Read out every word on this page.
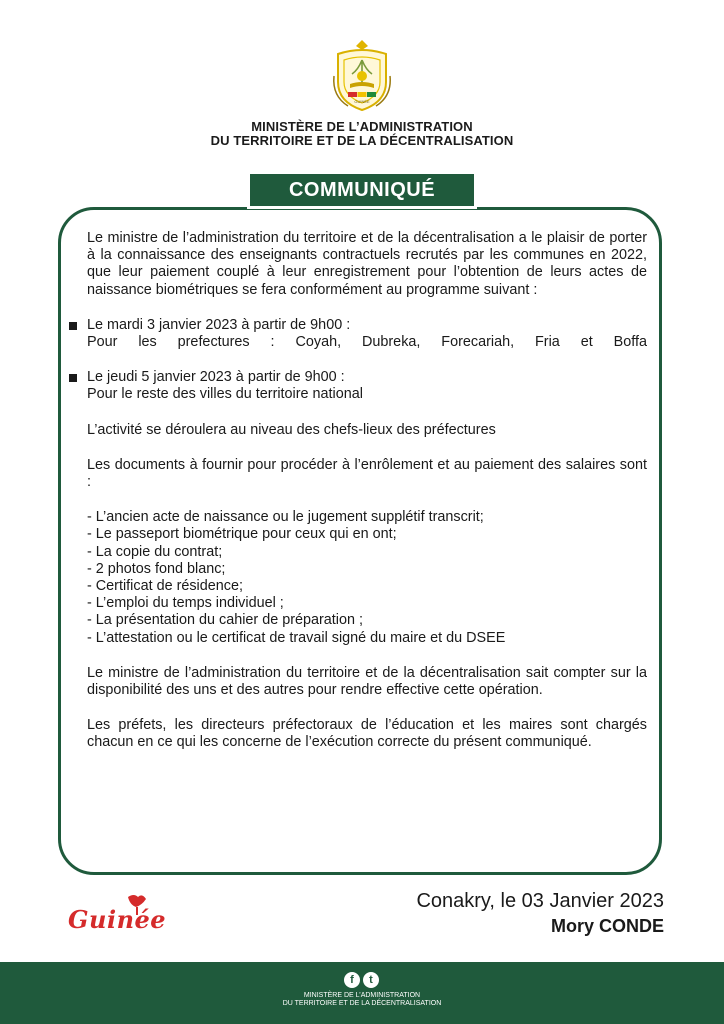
GUINÉE
MINISTÈRE DE L’ADMINISTRATION
DU TERRITOIRE ET DE LA DÉCENTRALISATION
COMMUNIQUÉ

Le ministre de l’administration du territoire et de la décentralisation a le plaisir de porter à la connaissance des enseignants contractuels recrutés par les communes en 2022, que leur paiement couplé à leur enregistrement pour l’obtention de leurs actes de naissance biométriques se fera conformément au programme suivant :

Le mardi 3 janvier 2023 à partir de 9h00 :

Pour les prefectures : Coyah, Dubreka, Forecariah, Fria et Boffa

Le jeudi 5 janvier 2023 à partir de 9h00 :

Pour le reste des villes du territoire national

L’activité se déroulera au niveau des chefs-lieux des préfectures

Les documents à fournir pour procéder à l’enrôlement et au paiement des salaires sont :

- L’ancien acte de naissance ou le jugement supplétif transcrit;
- Le passeport biométrique pour ceux qui en ont;
- La copie du contrat;
- 2 photos fond blanc;
- Certificat de résidence;
- L’emploi du temps individuel ;
- La présentation du cahier de préparation ;
- L’attestation ou le certificat de travail signé du maire et du DSEE

Le ministre de l’administration du territoire et de la décentralisation sait compter sur la disponibilité des uns et des autres pour rendre effective cette opération.

Les préfets, les directeurs préfectoraux de l’éducation et les maires sont chargés chacun en ce qui les concerne de l’exécution correcte du présent communiqué.

Guinée
Conakry, le 03 Janvier 2023
Mory CONDE
f t
MINISTÈRE DE L’ADMINISTRATION
DU TERRITOIRE ET DE LA DÉCENTRALISATION
